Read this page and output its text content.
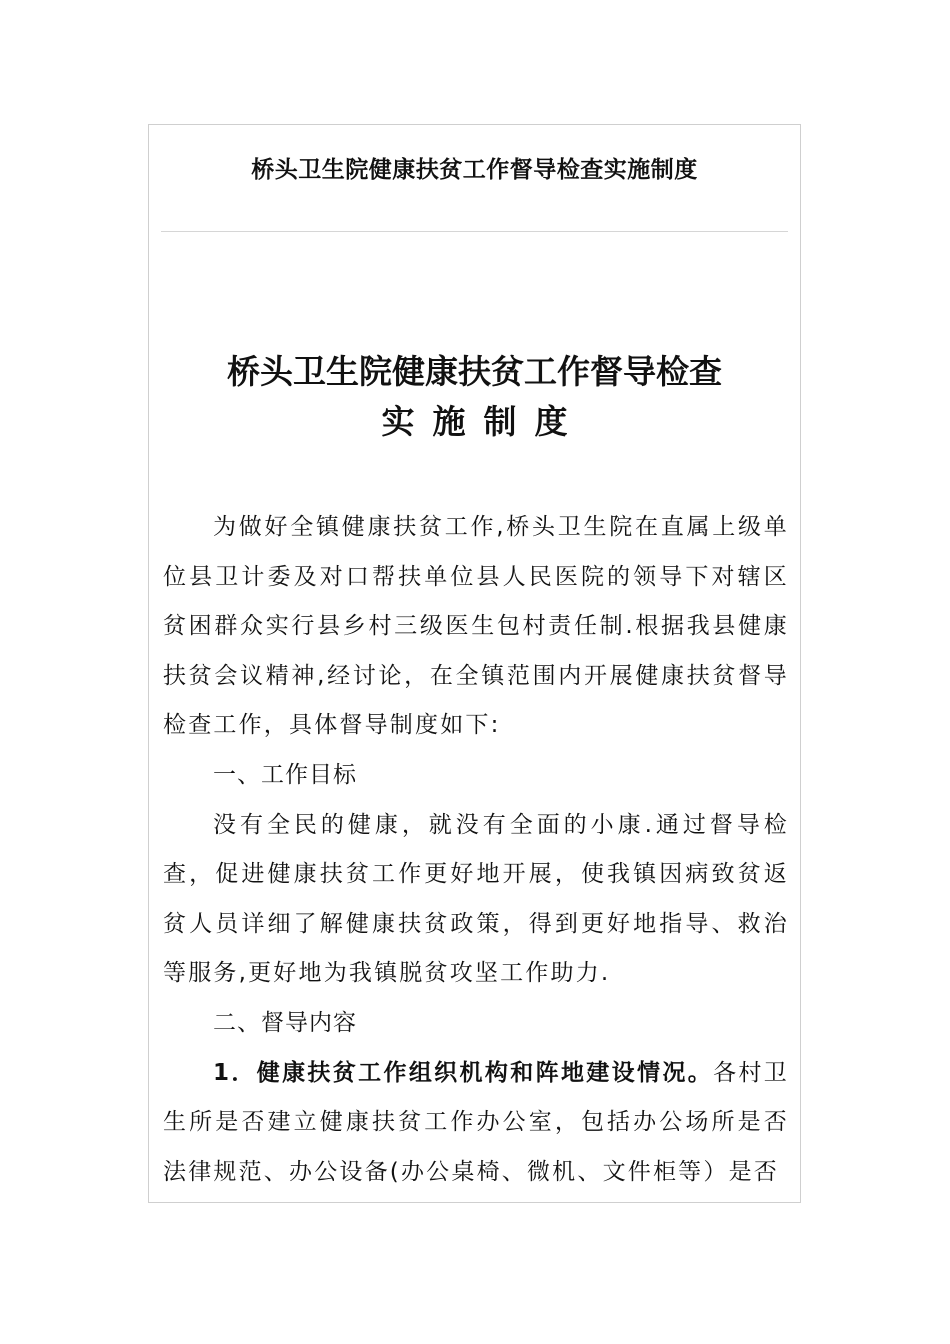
桥头卫生院健康扶贫工作督导检查实施制度
桥头卫生院健康扶贫工作督导检查
实施制度

为做好全镇健康扶贫工作,桥头卫生院在直属上级单位县卫计委及对口帮扶单位县人民医院的领导下对辖区贫困群众实行县乡村三级医生包村责任制.根据我县健康扶贫会议精神,经讨论，在全镇范围内开展健康扶贫督导检查工作，具体督导制度如下:

一、工作目标

没有全民的健康，就没有全面的小康.通过督导检查，促进健康扶贫工作更好地开展，使我镇因病致贫返贫人员详细了解健康扶贫政策，得到更好地指导、救治等服务,更好地为我镇脱贫攻坚工作助力.

二、督导内容

1．健康扶贫工作组织机构和阵地建设情况。各村卫生所是否建立健康扶贫工作办公室，包括办公场所是否法律规范、办公设备(办公桌椅、微机、文件柜等）是否
